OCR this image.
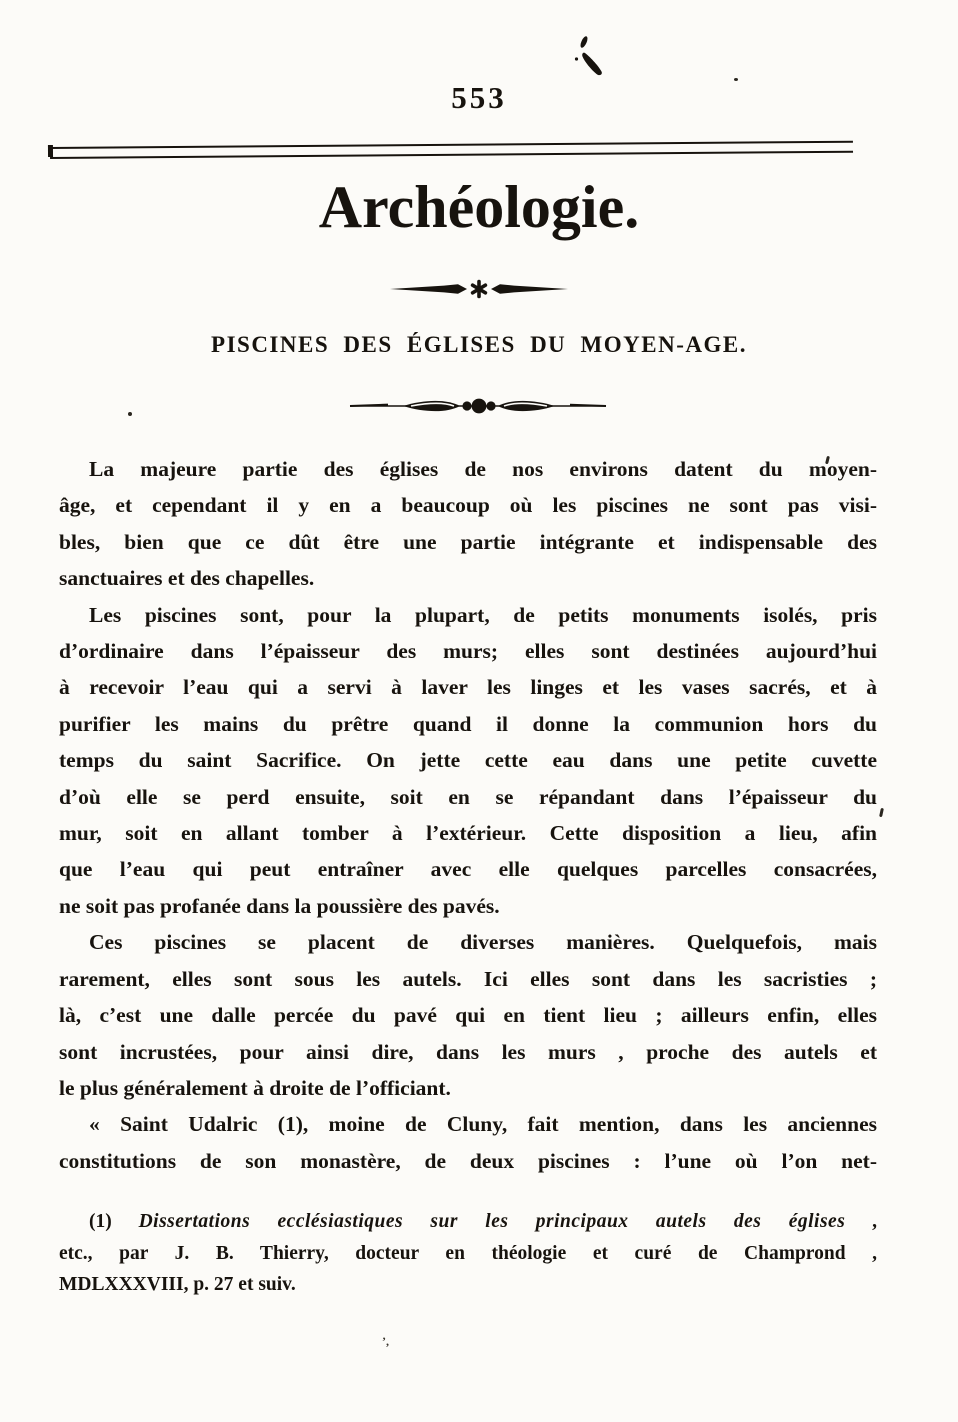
553
Archéologie.
PISCINES DES ÉGLISES DU MOYEN-AGE.
La majeure partie des églises de nos environs datent du moyen-
âge, et cependant il y en a beaucoup où les piscines ne sont pas visi-
bles, bien que ce dût être une partie intégrante et indispensable des
sanctuaires et des chapelles.
Les piscines sont, pour la plupart, de petits monuments isolés, pris
d’ordinaire dans l’épaisseur des murs; elles sont destinées aujourd’hui
à recevoir l’eau qui a servi à laver les linges et les vases sacrés, et à
purifier les mains du prêtre quand il donne la communion hors du
temps du saint Sacrifice. On jette cette eau dans une petite cuvette
d’où elle se perd ensuite, soit en se répandant dans l’épaisseur du
mur, soit en allant tomber à l’extérieur. Cette disposition a lieu, afin
que l’eau qui peut entraîner avec elle quelques parcelles consacrées,
ne soit pas profanée dans la poussière des pavés.
Ces piscines se placent de diverses manières. Quelquefois, mais
rarement, elles sont sous les autels. Ici elles sont dans les sacristies ;
là, c’est une dalle percée du pavé qui en tient lieu ; ailleurs enfin, elles
sont incrustées, pour ainsi dire, dans les murs , proche des autels et
le plus généralement à droite de l’officiant.
« Saint Udalric (1), moine de Cluny, fait mention, dans les anciennes
constitutions de son monastère, de deux piscines : l’une où l’on net-
(1) Dissertations ecclésiastiques sur les principaux autels des églises ,
etc., par J. B. Thierry, docteur en théologie et curé de Champrond ,
MDLXXXVIII, p. 27 et suiv.
’,
